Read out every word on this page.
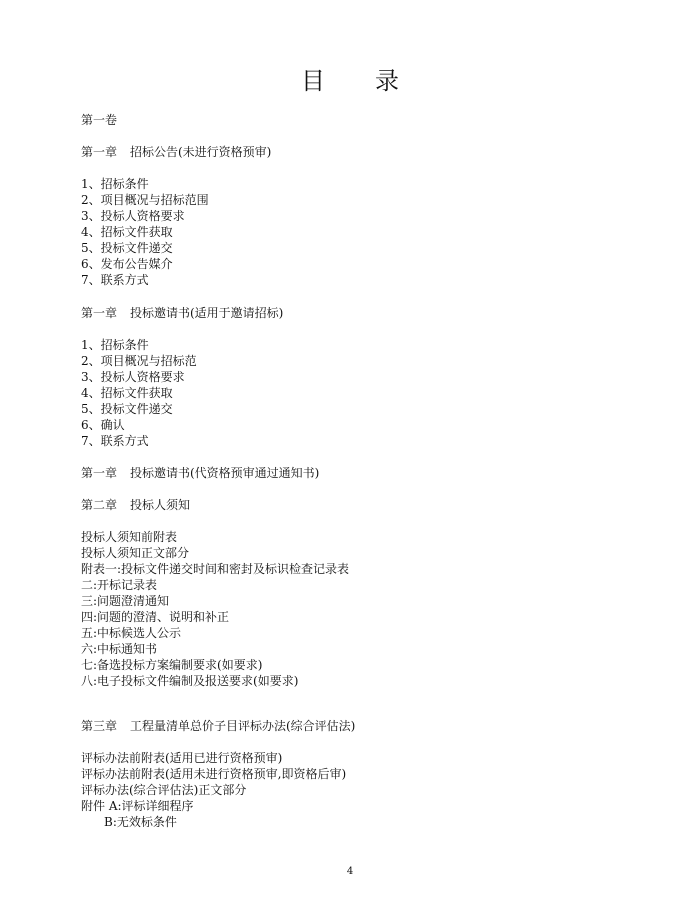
目 录
第一卷
第一章 招标公告(未进行资格预审)
1、招标条件
2、项目概况与招标范围
3、投标人资格要求
4、招标文件获取
5、投标文件递交
6、发布公告媒介
7、联系方式
第一章 投标邀请书(适用于邀请招标)
1、招标条件
2、项目概况与招标范
3、投标人资格要求
4、招标文件获取
5、投标文件递交
6、确认
7、联系方式
第一章 投标邀请书(代资格预审通过通知书)
第二章 投标人须知
投标人须知前附表
投标人须知正文部分
附表一:投标文件递交时间和密封及标识检查记录表
二:开标记录表
三:问题澄清通知
四:问题的澄清、说明和补正
五:中标候选人公示
六:中标通知书
七:备选投标方案编制要求(如要求)
八:电子投标文件编制及报送要求(如要求)
第三章 工程量清单总价子目评标办法(综合评估法)
评标办法前附表(适用已进行资格预审)
评标办法前附表(适用未进行资格预审,即资格后审)
评标办法(综合评估法)正文部分
附件 A:评标详细程序
B:无效标条件
4
